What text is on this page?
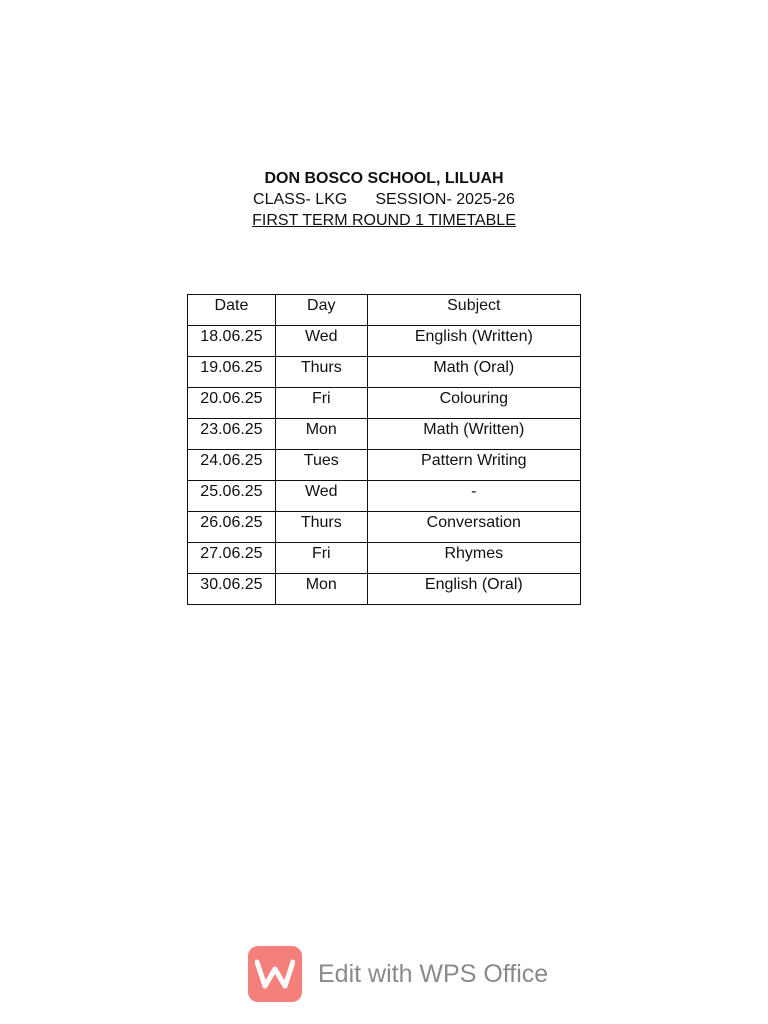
DON BOSCO SCHOOL, LILUAH
CLASS- LKG SESSION- 2025-26
FIRST TERM ROUND 1 TIMETABLE
Date	Day	Subject
18.06.25	Wed	English (Written)
19.06.25	Thurs	Math (Oral)
20.06.25	Fri	Colouring
23.06.25	Mon	Math (Written)
24.06.25	Tues	Pattern Writing
25.06.25	Wed	-
26.06.25	Thurs	Conversation
27.06.25	Fri	Rhymes
30.06.25	Mon	English (Oral)
Edit with WPS Office
